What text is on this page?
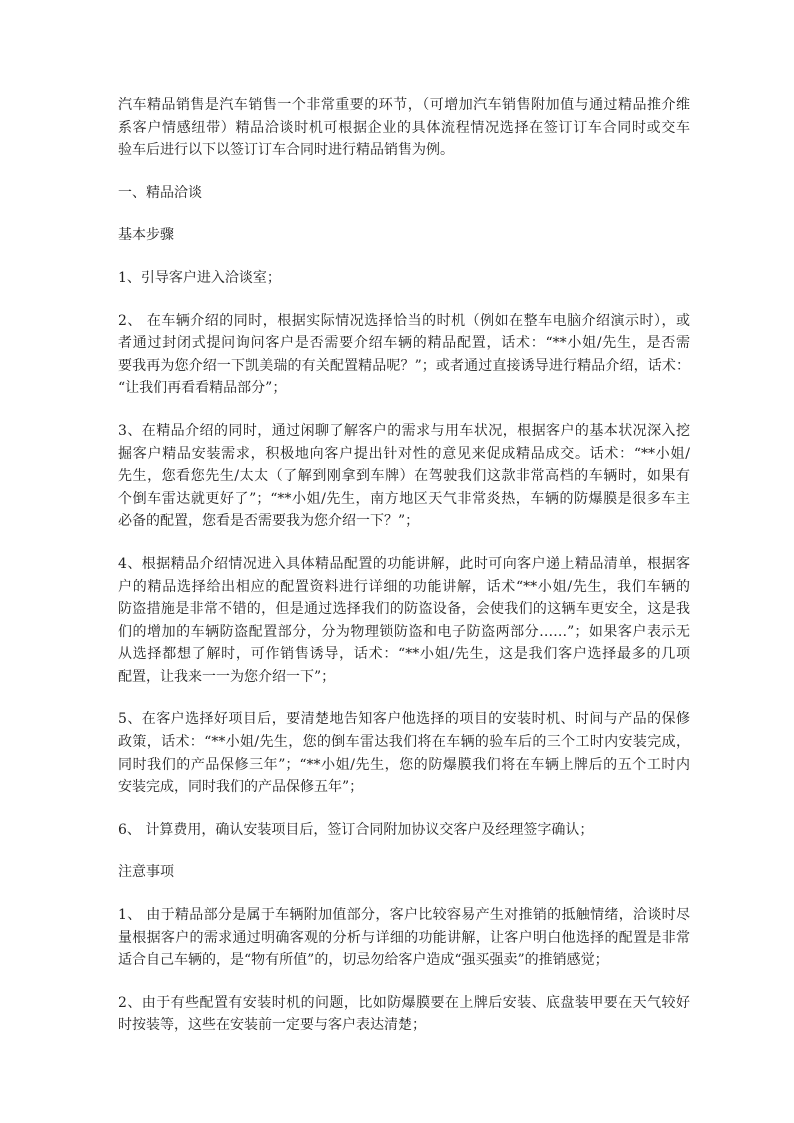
汽车精品销售是汽车销售一个非常重要的环节，（可增加汽车销售附加值与通过精品推介维
系客户情感纽带）精品洽谈时机可根据企业的具体流程情况选择在签订订车合同时或交车
验车后进行以下以签订订车合同时进行精品销售为例。
一、精品洽谈
基本步骤
1、引导客户进入洽谈室；
2、 在车辆介绍的同时，根据实际情况选择恰当的时机（例如在整车电脑介绍演示时），或
者通过封闭式提问询问客户是否需要介绍车辆的精品配置，话术：“**小姐/先生，是否需
要我再为您介绍一下凯美瑞的有关配置精品呢？”；或者通过直接诱导进行精品介绍，话术：
“让我们再看看精品部分”；
3、在精品介绍的同时，通过闲聊了解客户的需求与用车状况，根据客户的基本状况深入挖
掘客户精品安装需求，积极地向客户提出针对性的意见来促成精品成交。话术：“**小姐/
先生，您看您先生/太太（了解到刚拿到车牌）在驾驶我们这款非常高档的车辆时，如果有
个倒车雷达就更好了”；“**小姐/先生，南方地区天气非常炎热，车辆的防爆膜是很多车主
必备的配置，您看是否需要我为您介绍一下？”；
4、根据精品介绍情况进入具体精品配置的功能讲解，此时可向客户递上精品清单，根据客
户的精品选择给出相应的配置资料进行详细的功能讲解，话术“**小姐/先生，我们车辆的
防盗措施是非常不错的，但是通过选择我们的防盗设备，会使我们的这辆车更安全，这是我
们的增加的车辆防盗配置部分，分为物理锁防盗和电子防盗两部分……”；如果客户表示无
从选择都想了解时，可作销售诱导，话术：“**小姐/先生，这是我们客户选择最多的几项
配置，让我来一一为您介绍一下”；
5、在客户选择好项目后，要清楚地告知客户他选择的项目的安装时机、时间与产品的保修
政策，话术：“**小姐/先生，您的倒车雷达我们将在车辆的验车后的三个工时内安装完成，
同时我们的产品保修三年”；“**小姐/先生，您的防爆膜我们将在车辆上牌后的五个工时内
安装完成，同时我们的产品保修五年”；
6、 计算费用，确认安装项目后，签订合同附加协议交客户及经理签字确认；
注意事项
1、 由于精品部分是属于车辆附加值部分，客户比较容易产生对推销的抵触情绪，洽谈时尽
量根据客户的需求通过明确客观的分析与详细的功能讲解，让客户明白他选择的配置是非常
适合自己车辆的，是“物有所值”的，切忌勿给客户造成“强买强卖”的推销感觉；
2、由于有些配置有安装时机的问题，比如防爆膜要在上牌后安装、底盘装甲要在天气较好
时按装等，这些在安装前一定要与客户表达清楚；
